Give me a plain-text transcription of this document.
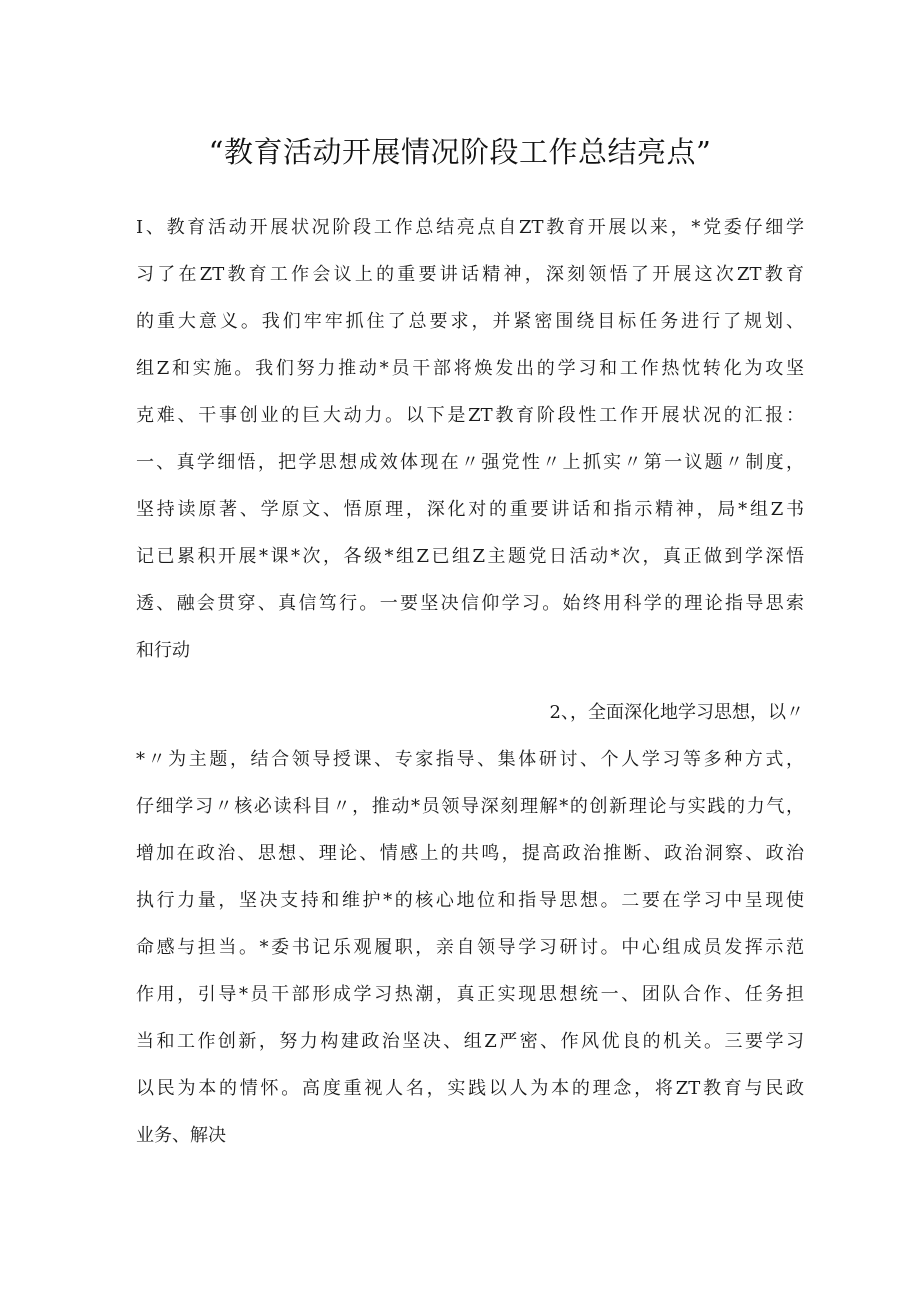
“教育活动开展情况阶段工作总结亮点”
I、教育活动开展状况阶段工作总结亮点自ZT教育开展以来，*党委仔细学
习了在ZT教育工作会议上的重要讲话精神，深刻领悟了开展这次ZT教育
的重大意义。我们牢牢抓住了总要求，并紧密围绕目标任务进行了规划、
组Z和实施。我们努力推动*员干部将焕发出的学习和工作热忱转化为攻坚
克难、干事创业的巨大动力。以下是ZT教育阶段性工作开展状况的汇报：
一、真学细悟，把学思想成效体现在〃强党性〃上抓实〃第一议题〃制度，
坚持读原著、学原文、悟原理，深化对的重要讲话和指示精神，局*组Z书
记已累积开展*课*次，各级*组Z已组Z主题党日活动*次，真正做到学深悟
透、融会贯穿、真信笃行。一要坚决信仰学习。始终用科学的理论指导思索
和行动
2、，全面深化地学习思想，以〃
*〃为主题，结合领导授课、专家指导、集体研讨、个人学习等多种方式，
仔细学习〃核必读科目〃，推动*员领导深刻理解*的创新理论与实践的力气，
增加在政治、思想、理论、情感上的共鸣，提高政治推断、政治洞察、政治
执行力量，坚决支持和维护*的核心地位和指导思想。二要在学习中呈现使
命感与担当。*委书记乐观履职，亲自领导学习研讨。中心组成员发挥示范
作用，引导*员干部形成学习热潮，真正实现思想统一、团队合作、任务担
当和工作创新，努力构建政治坚决、组Z严密、作风优良的机关。三要学习
以民为本的情怀。高度重视人名，实践以人为本的理念，将ZT教育与民政
业务、解决
